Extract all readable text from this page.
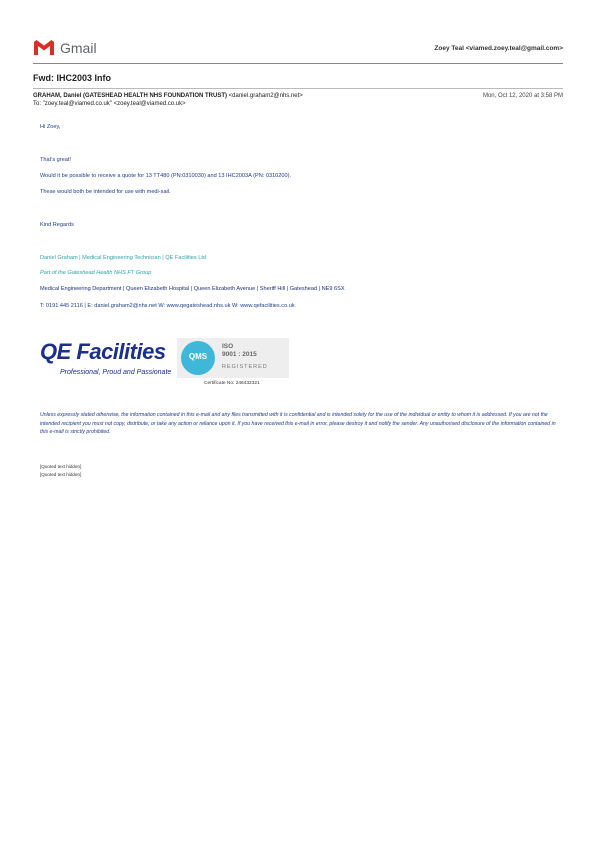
Gmail	Zoey Teal <viamed.zoey.teal@gmail.com>
Fwd: IHC2003 Info
GRAHAM, Daniel (GATESHEAD HEALTH NHS FOUNDATION TRUST) <daniel.graham2@nhs.net>	Mon, Oct 12, 2020 at 3:58 PM
To: "zoey.teal@viamed.co.uk" <zoey.teal@viamed.co.uk>
Hi Zoey,
That’s great!
Would it be possible to receive a quote for 13 TT480 (PN:0310030) and 13 IHC2003A (PN: 0310200).
These would both be intended for use with medi-sail.
Kind Regards
Daniel Graham | Medical Engineering Technician | QE Facilities Ltd
Part of the Gateshead Health NHS FT Group
Medical Engineering Department | Queen Elizabeth Hospital | Queen Elizabeth Avenue | Sheriff Hill | Gateshead | NE9 6SX
T: 0191 445 2116 | E: daniel.graham2@nhs.net W: www.qegateshead.nhs.uk W: www.qefacilities.co.uk
QE Facilities
Professional, Proud and Passionate
QMS
ISO
9001 : 2015
REGISTERED
Certificate No: 246432321
Unless expressly stated otherwise, the information contained in this e-mail and any files transmitted with it is confidential and is intended solely for the use of the individual or entity to whom it is addressed. If you are not the intended recipient you must not copy, distribute, or take any action or reliance upon it. If you have received this e-mail in error, please destroy it and notify the sender. Any unauthorised disclosure of the information contained in this e-mail is strictly prohibited.
[Quoted text hidden]
[Quoted text hidden]
